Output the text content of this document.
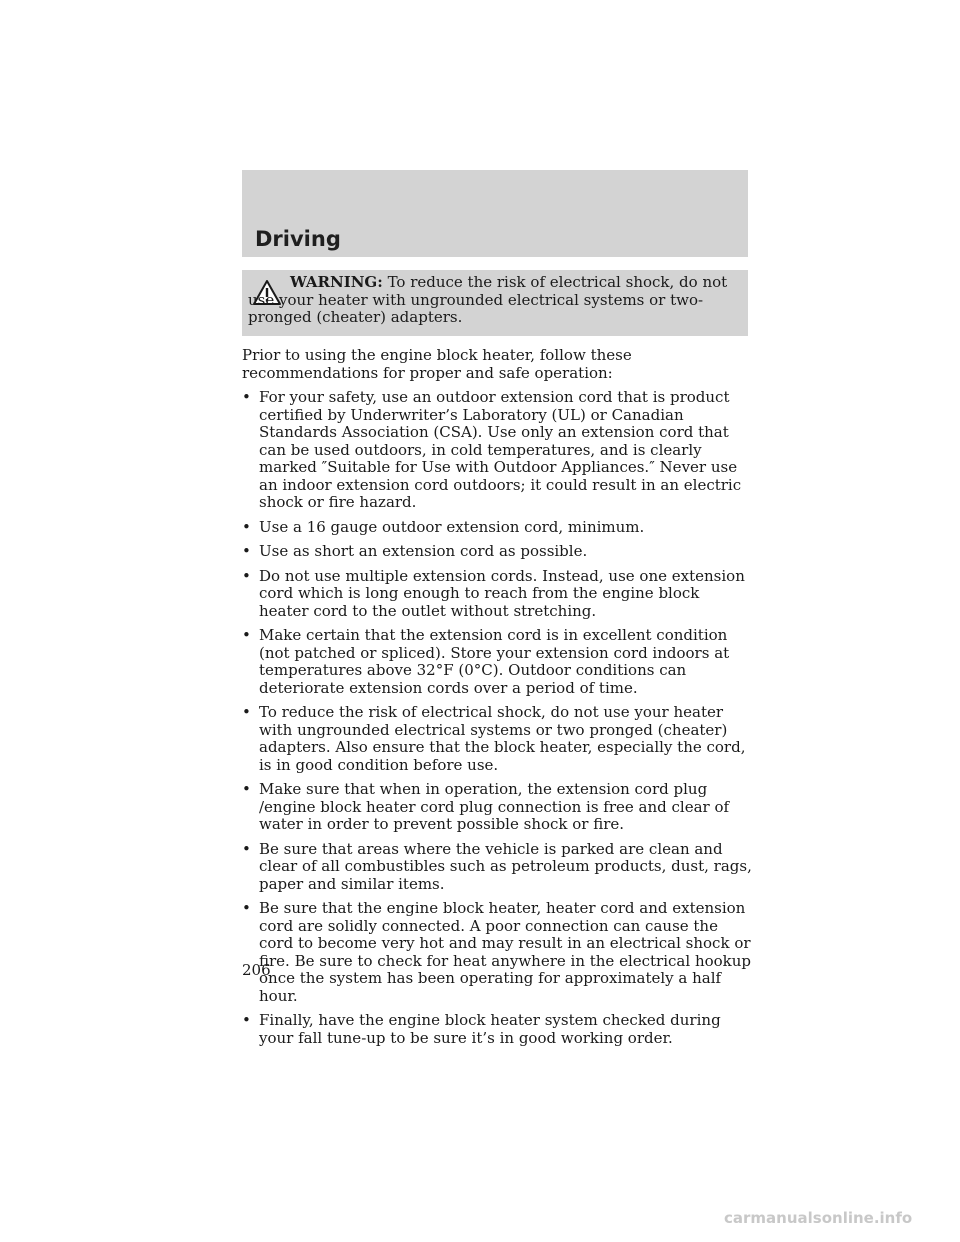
Driving

WARNING: To reduce the risk of electrical shock, do not use your heater with ungrounded electrical systems or two-pronged (cheater) adapters.

Prior to using the engine block heater, follow these recommendations for proper and safe operation:

• For your safety, use an outdoor extension cord that is product certified by Underwriter’s Laboratory (UL) or Canadian Standards Association (CSA). Use only an extension cord that can be used outdoors, in cold temperatures, and is clearly marked ″Suitable for Use with Outdoor Appliances.″ Never use an indoor extension cord outdoors; it could result in an electric shock or fire hazard.
• Use a 16 gauge outdoor extension cord, minimum.
• Use as short an extension cord as possible.
• Do not use multiple extension cords. Instead, use one extension cord which is long enough to reach from the engine block heater cord to the outlet without stretching.
• Make certain that the extension cord is in excellent condition (not patched or spliced). Store your extension cord indoors at temperatures above 32°F (0°C). Outdoor conditions can deteriorate extension cords over a period of time.
• To reduce the risk of electrical shock, do not use your heater with ungrounded electrical systems or two pronged (cheater) adapters. Also ensure that the block heater, especially the cord, is in good condition before use.
• Make sure that when in operation, the extension cord plug /engine block heater cord plug connection is free and clear of water in order to prevent possible shock or fire.
• Be sure that areas where the vehicle is parked are clean and clear of all combustibles such as petroleum products, dust, rags, paper and similar items.
• Be sure that the engine block heater, heater cord and extension cord are solidly connected. A poor connection can cause the cord to become very hot and may result in an electrical shock or fire. Be sure to check for heat anywhere in the electrical hookup once the system has been operating for approximately a half hour.
• Finally, have the engine block heater system checked during your fall tune-up to be sure it’s in good working order.
206
carmanualsonline.info
